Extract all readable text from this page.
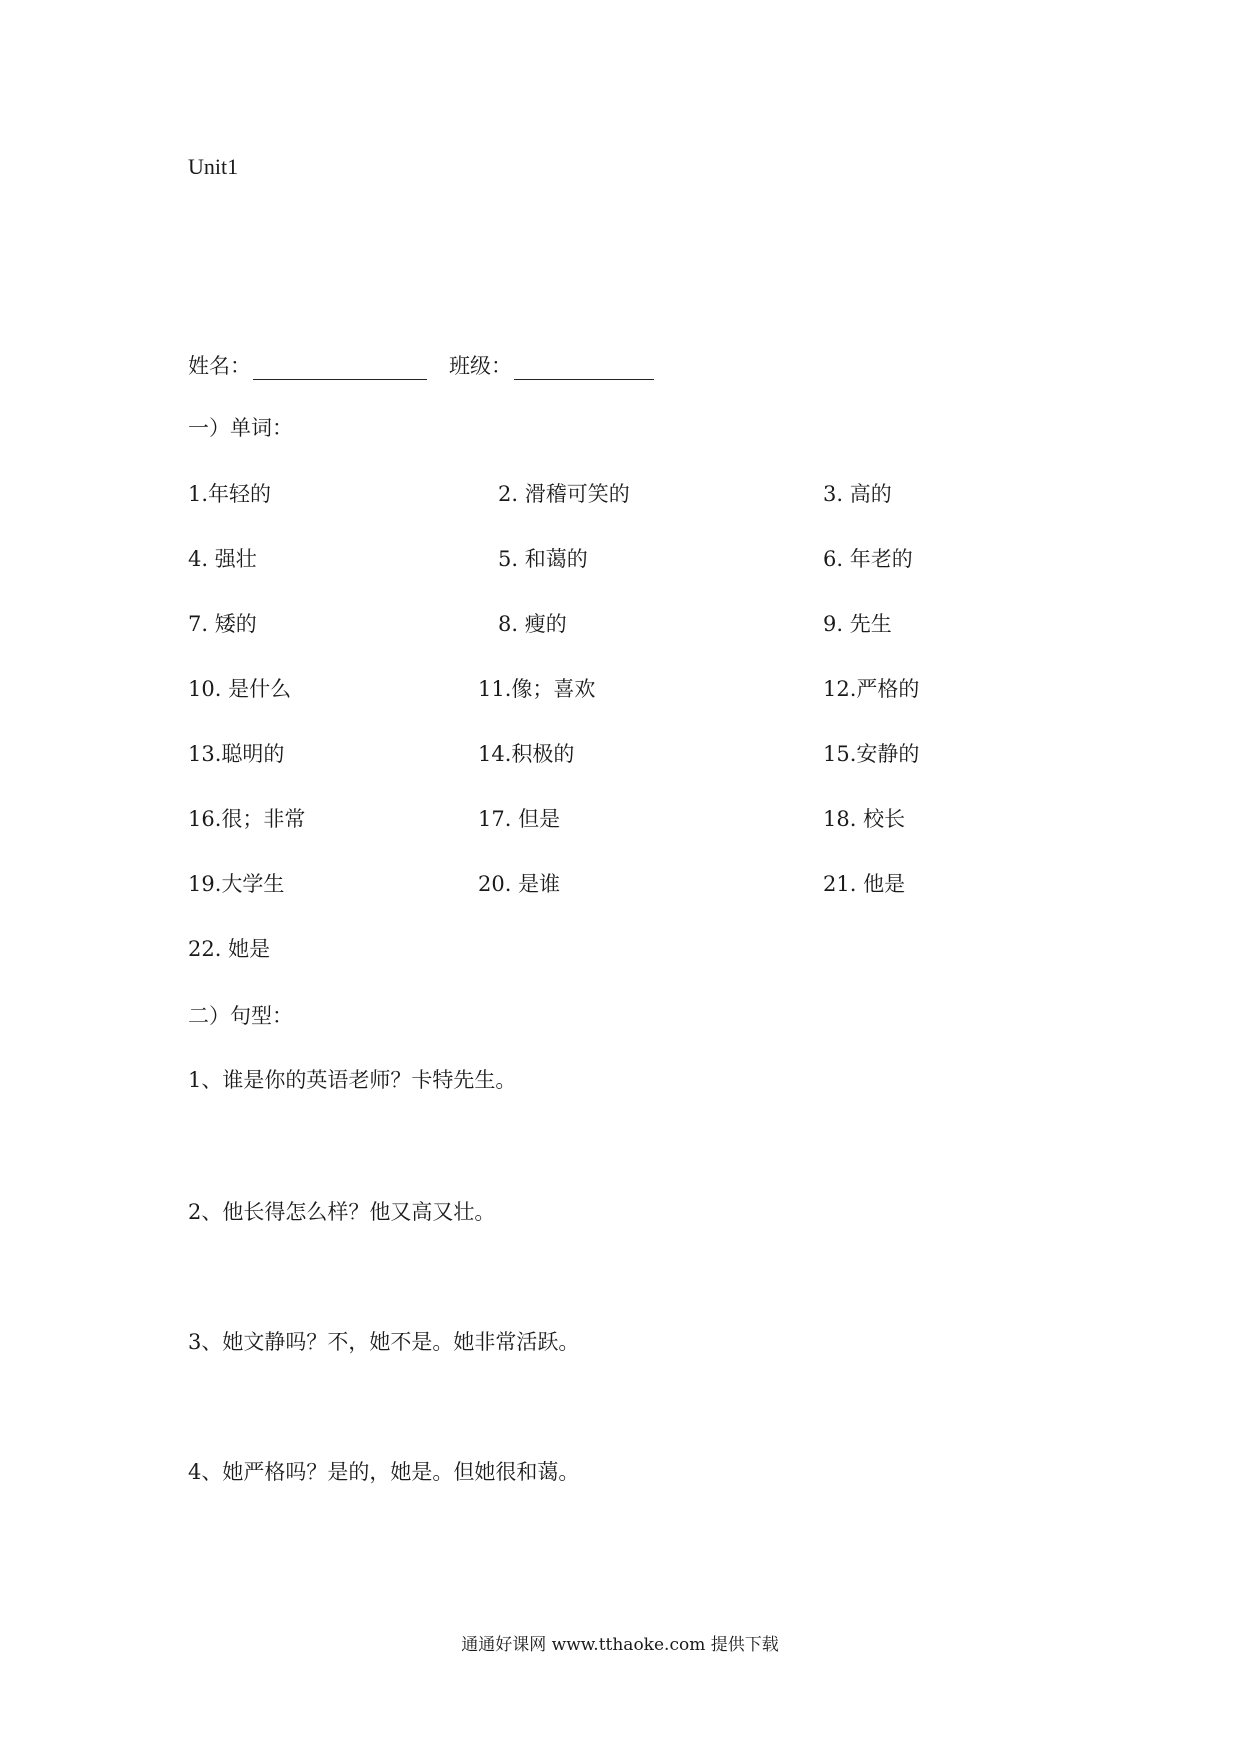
Unit1
姓名：	班级：
一）单词：
1.年轻的	2. 滑稽可笑的	3. 高的
4. 强壮	5. 和蔼的	6. 年老的
7. 矮的	8. 瘦的	9. 先生
10. 是什么	11.像；喜欢	12.严格的
13.聪明的	14.积极的	15.安静的
16.很；非常	17. 但是	18. 校长
19.大学生	20. 是谁	21. 他是
22. 她是
二）句型：
1、谁是你的英语老师？卡特先生。
2、他长得怎么样？他又高又壮。
3、她文静吗？不，她不是。她非常活跃。
4、她严格吗？是的，她是。但她很和蔼。
通通好课网 www.tthaoke.com 提供下载
